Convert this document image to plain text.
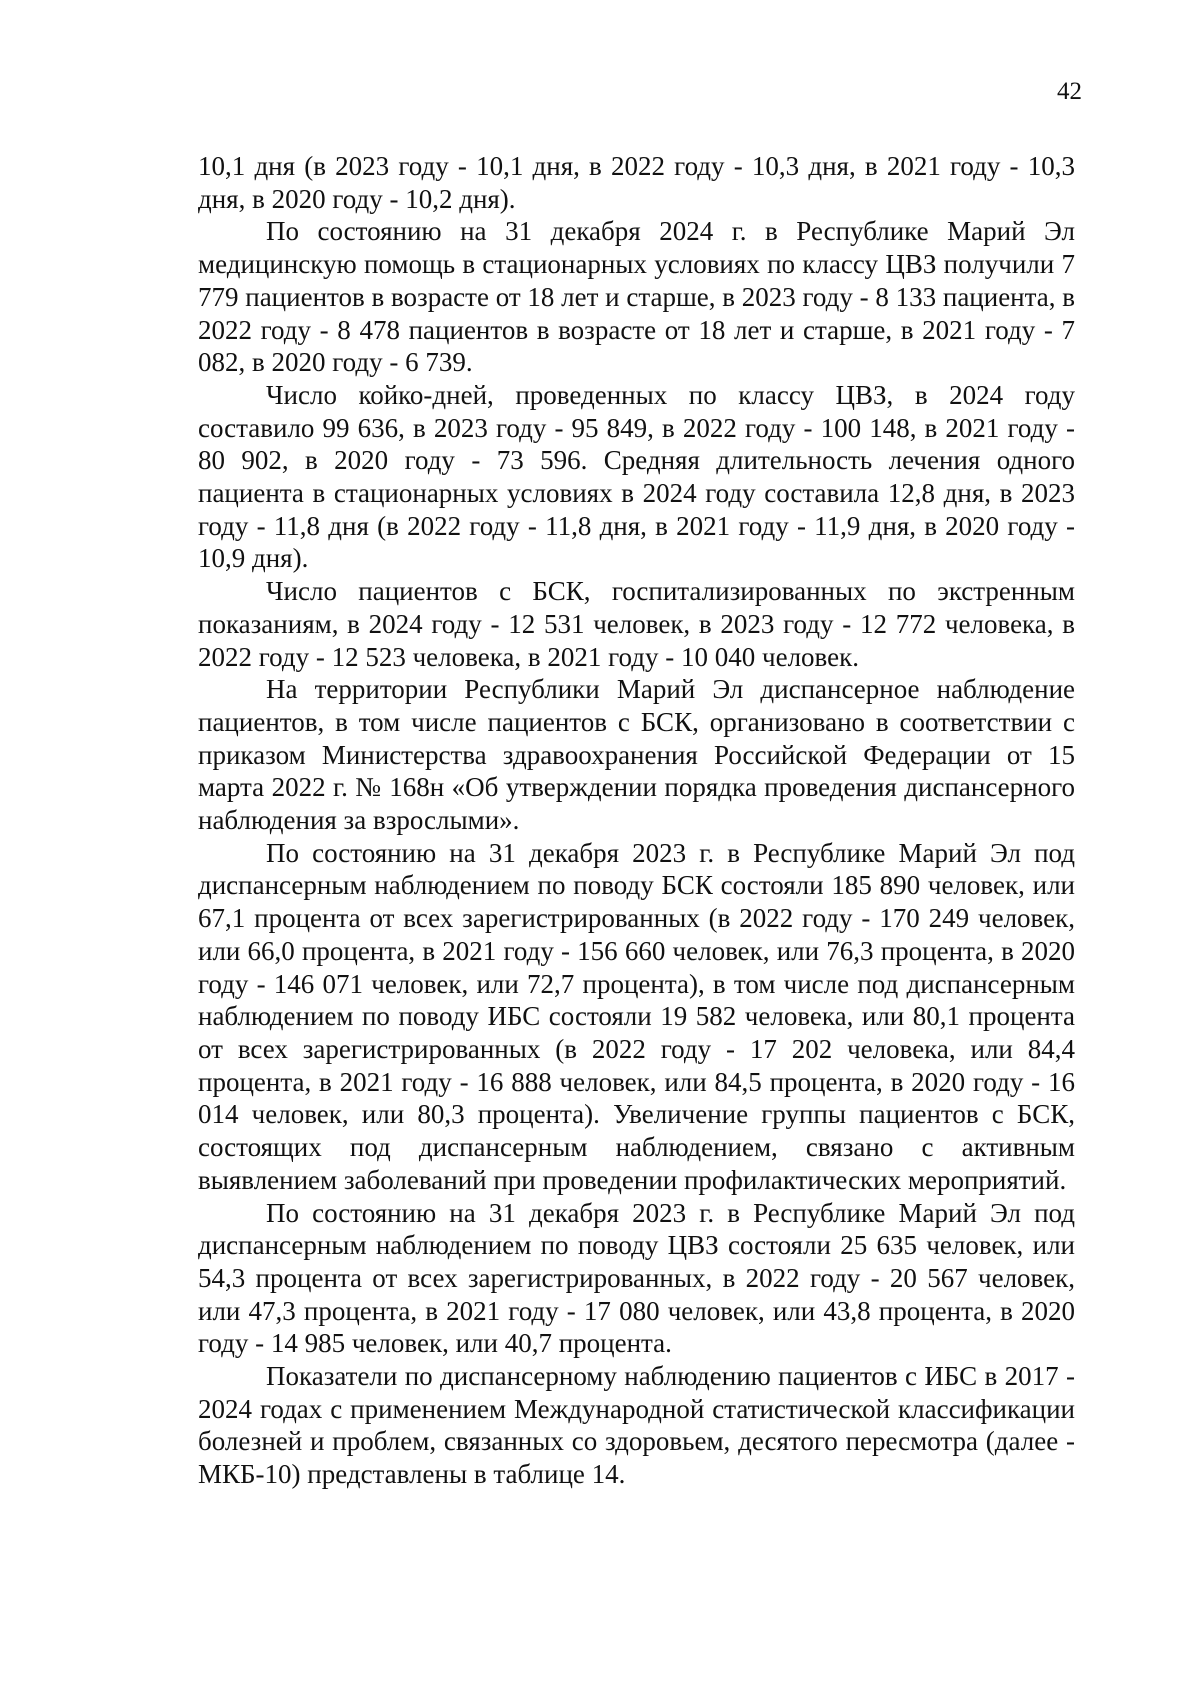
42

10,1 дня (в 2023 году - 10,1 дня, в 2022 году - 10,3 дня, в 2021 году - 10,3 дня, в 2020 году - 10,2 дня).

По состоянию на 31 декабря 2024 г. в Республике Марий Эл медицинскую помощь в стационарных условиях по классу ЦВЗ получили 7 779 пациентов в возрасте от 18 лет и старше, в 2023 году - 8 133 пациента, в 2022 году - 8 478 пациентов в возрасте от 18 лет и старше, в 2021 году - 7 082, в 2020 году - 6 739.

Число койко-дней, проведенных по классу ЦВЗ, в 2024 году составило 99 636, в 2023 году - 95 849, в 2022 году - 100 148, в 2021 году - 80 902, в 2020 году - 73 596. Средняя длительность лечения одного пациента в стационарных условиях в 2024 году составила 12,8 дня, в 2023 году - 11,8 дня (в 2022 году - 11,8 дня, в 2021 году - 11,9 дня, в 2020 году - 10,9 дня).

Число пациентов с БСК, госпитализированных по экстренным показаниям, в 2024 году - 12 531 человек, в 2023 году - 12 772 человека, в 2022 году - 12 523 человека, в 2021 году - 10 040 человек.

На территории Республики Марий Эл диспансерное наблюдение пациентов, в том числе пациентов с БСК, организовано в соответствии с приказом Министерства здравоохранения Российской Федерации от 15 марта 2022 г. № 168н «Об утверждении порядка проведения диспансерного наблюдения за взрослыми».

По состоянию на 31 декабря 2023 г. в Республике Марий Эл под диспансерным наблюдением по поводу БСК состояли 185 890 человек, или 67,1 процента от всех зарегистрированных (в 2022 году - 170 249 человек, или 66,0 процента, в 2021 году - 156 660 человек, или 76,3 процента, в 2020 году - 146 071 человек, или 72,7 процента), в том числе под диспансерным наблюдением по поводу ИБС состояли 19 582 человека, или 80,1 процента от всех зарегистрированных (в 2022 году - 17 202 человека, или 84,4 процента, в 2021 году - 16 888 человек, или 84,5 процента, в 2020 году - 16 014 человек, или 80,3 процента). Увеличение группы пациентов с БСК, состоящих под диспансерным наблюдением, связано с активным выявлением заболеваний при проведении профилактических мероприятий.

По состоянию на 31 декабря 2023 г. в Республике Марий Эл под диспансерным наблюдением по поводу ЦВЗ состояли 25 635 человек, или 54,3 процента от всех зарегистрированных, в 2022 году - 20 567 человек, или 47,3 процента, в 2021 году - 17 080 человек, или 43,8 процента, в 2020 году - 14 985 человек, или 40,7 процента.

Показатели по диспансерному наблюдению пациентов с ИБС в 2017 - 2024 годах с применением Международной статистической классификации болезней и проблем, связанных со здоровьем, десятого пересмотра (далее - МКБ-10) представлены в таблице 14.
